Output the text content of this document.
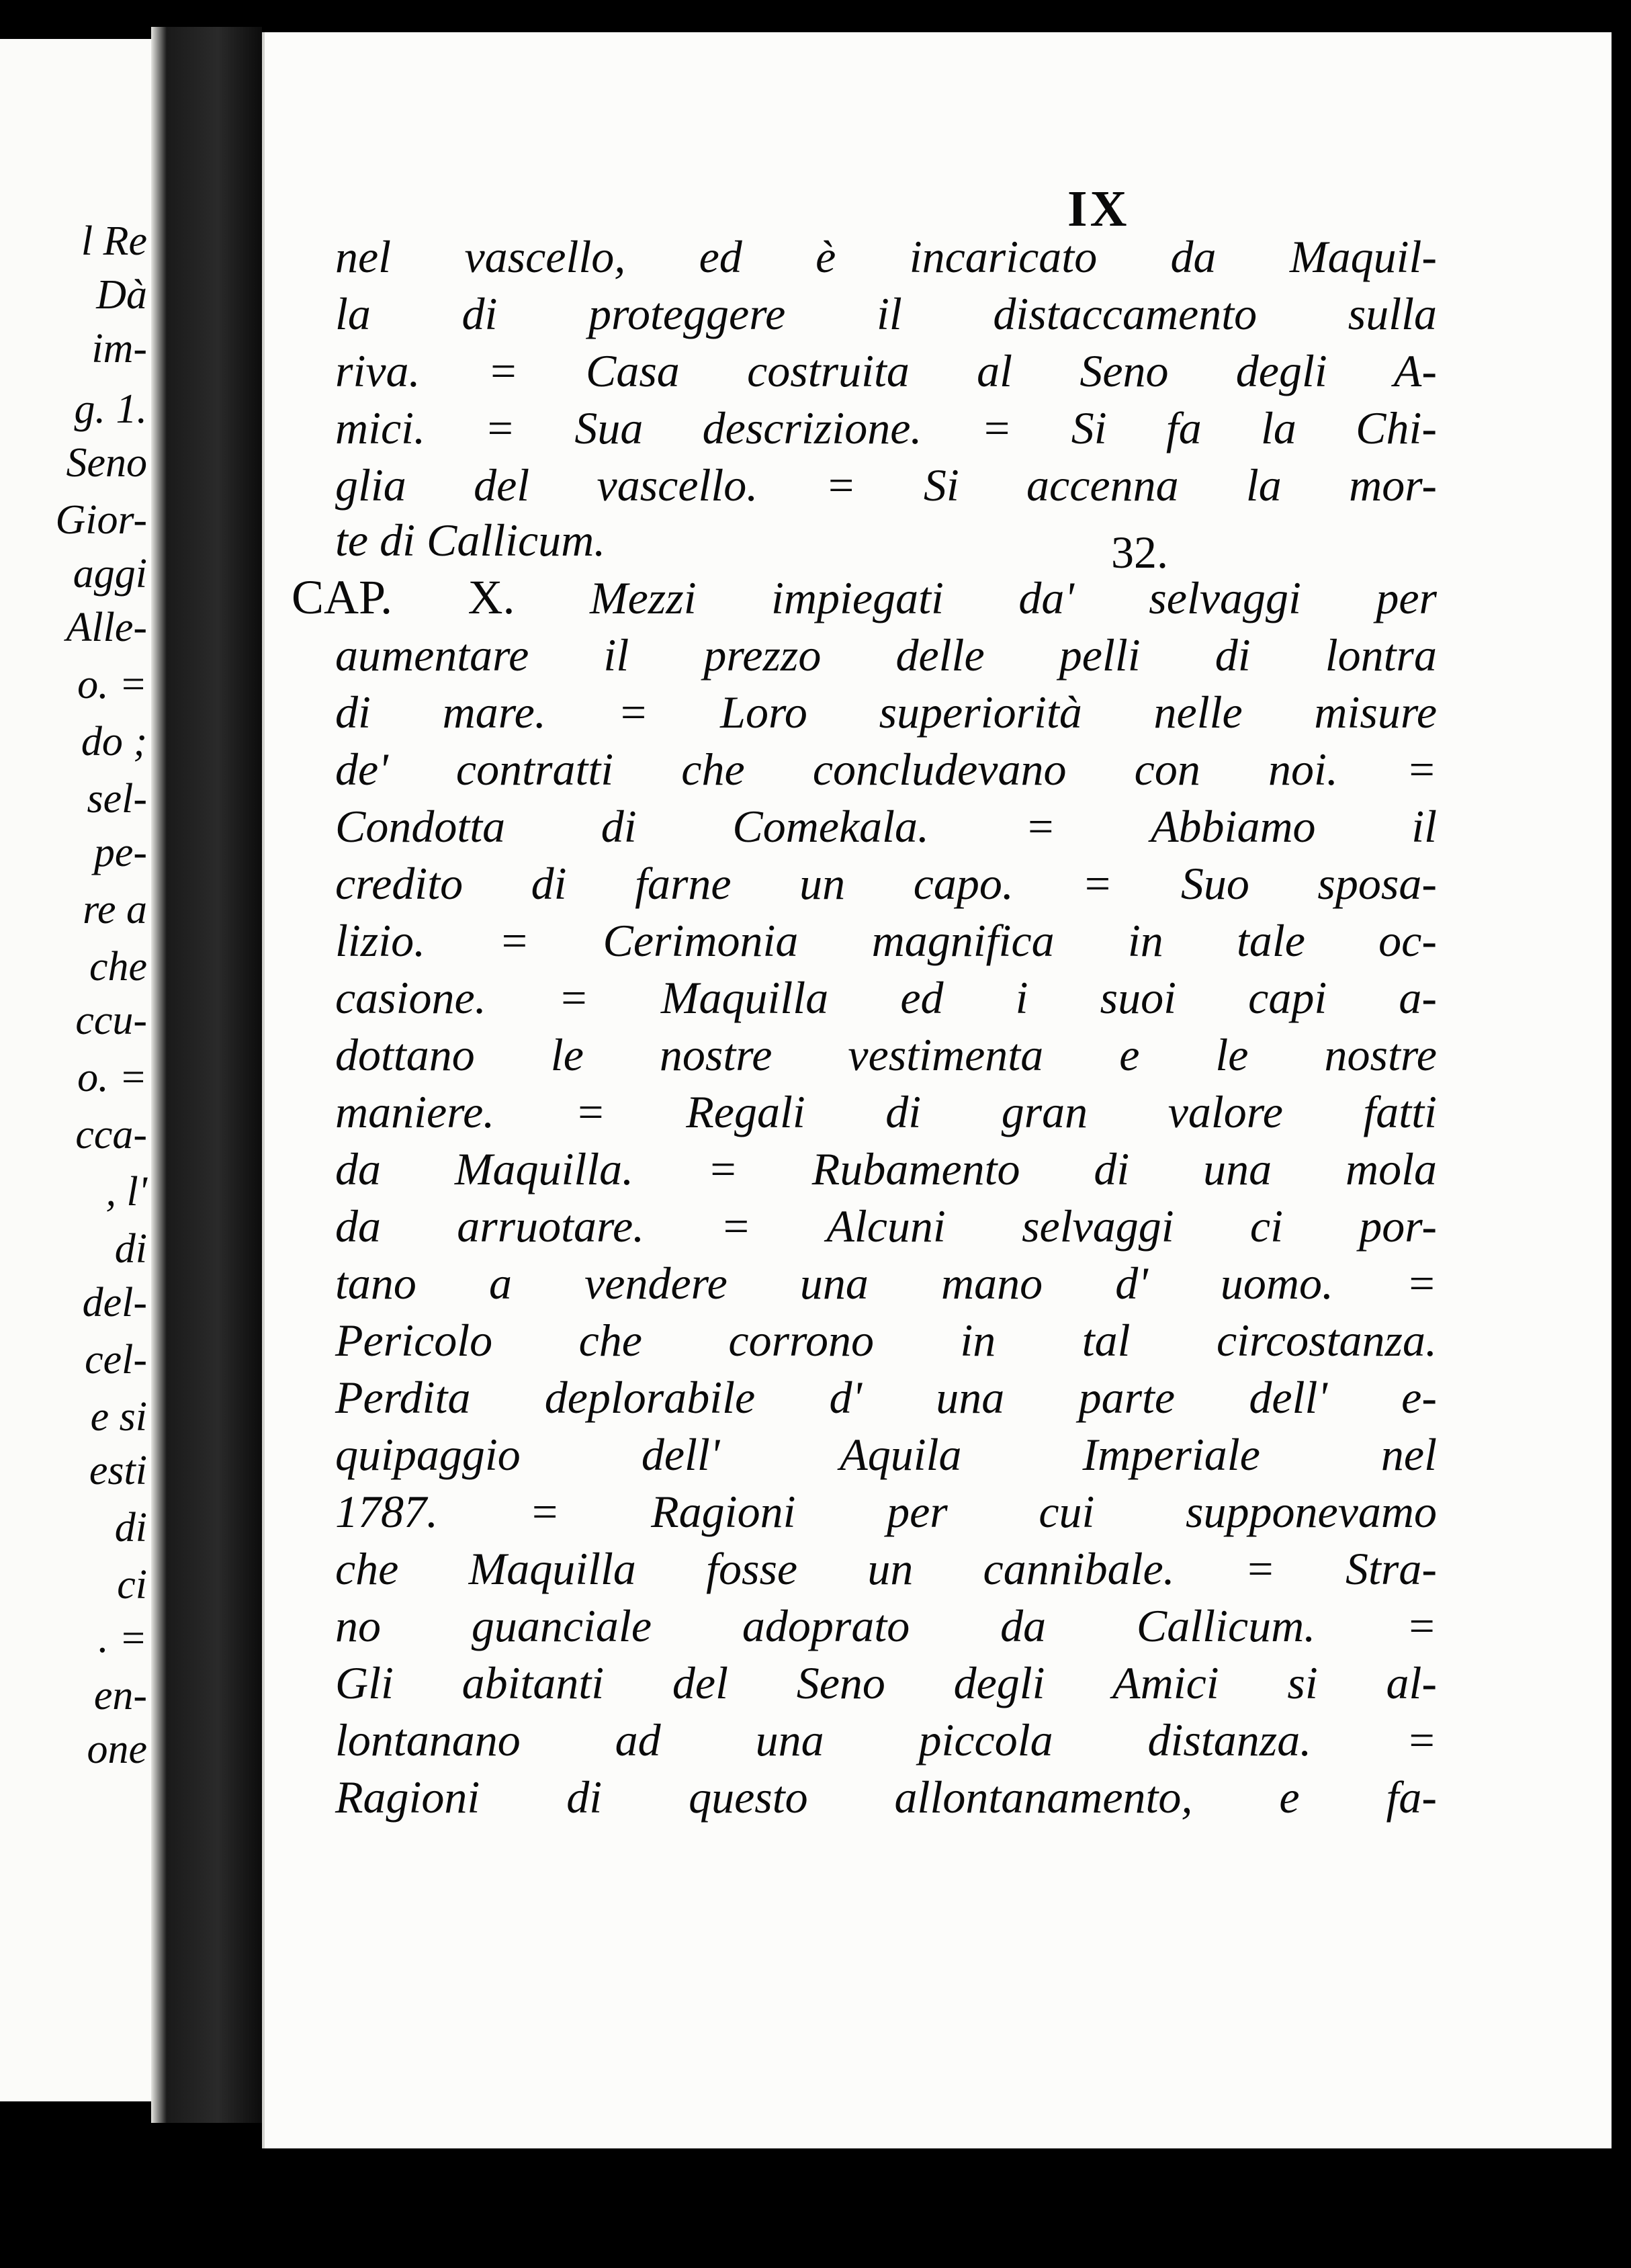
l Re
Dà
im-
g. 1.
Seno
Gior-
aggi
Alle-
o. =
do ;
sel-
pe-
re a
che
ccu-
o. =
cca-
, l'
di
del-
cel-
e si
esti
di
ci
. =
en-
one
IX
nel vascello, ed è incaricato da Maquil-
la di proteggere il distaccamento sulla
riva. = Casa costruita al Seno degli A-
mici. = Sua descrizione. = Si fa la Chi-
glia del vascello. = Si accenna la mor-
te di Callicum.	32.
CAP. X. Mezzi impiegati da' selvaggi per
aumentare il prezzo delle pelli di lontra
di mare. = Loro superiorità nelle misure
de' contratti che concludevano con noi. =
Condotta di Comekala. = Abbiamo il
credito di farne un capo. = Suo sposa-
lizio. = Cerimonia magnifica in tale oc-
casione. = Maquilla ed i suoi capi a-
dottano le nostre vestimenta e le nostre
maniere. = Regali di gran valore fatti
da Maquilla. = Rubamento di una mola
da arruotare. = Alcuni selvaggi ci por-
tano a vendere una mano d' uomo. =
Pericolo che corrono in tal circostanza.
Perdita deplorabile d' una parte dell' e-
quipaggio dell' Aquila Imperiale nel
1787. = Ragioni per cui supponevamo
che Maquilla fosse un cannibale. = Stra-
no guanciale adoprato da Callicum. =
Gli abitanti del Seno degli Amici si al-
lontanano ad una piccola distanza. =
Ragioni di questo allontanamento, e fa-
